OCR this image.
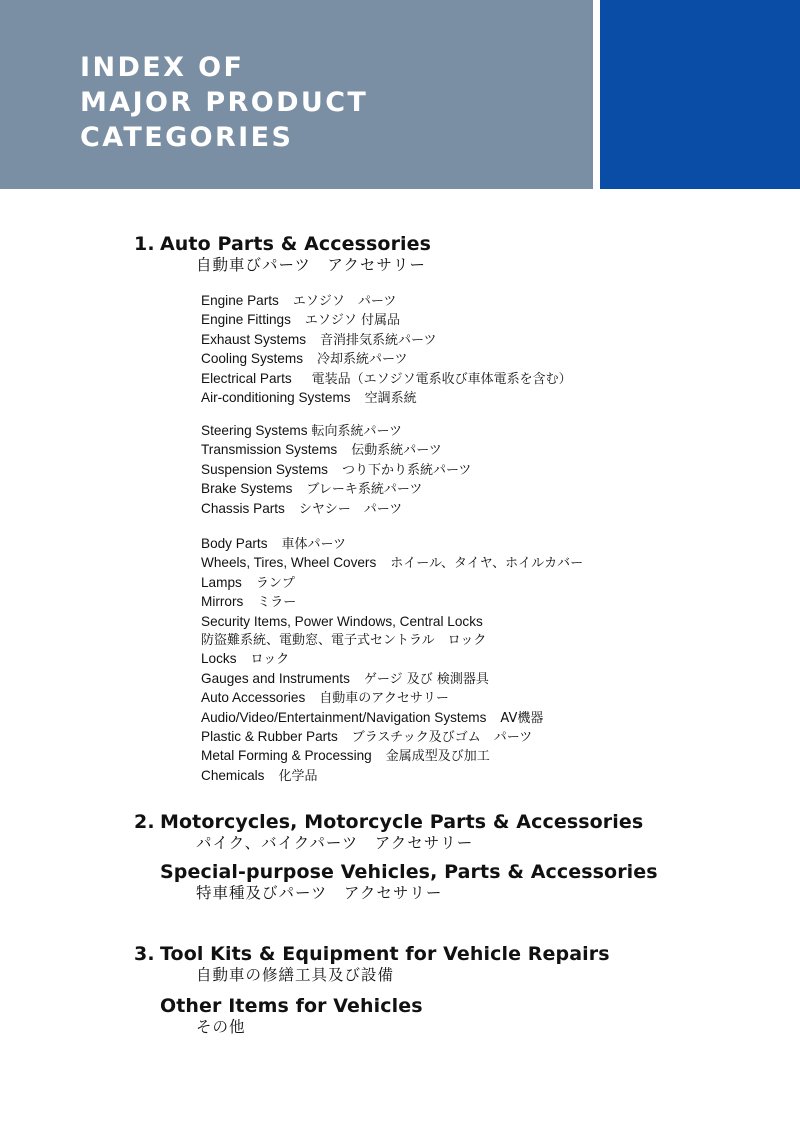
INDEX OF
MAJOR PRODUCT
CATEGORIES
1. Auto Parts & Accessories
自動車びパーツ　アクセサリー
Engine Parts エソジソ　パーツ
Engine Fittings エソジソ 付属品
Exhaust Systems 音消排気系統パーツ
Cooling Systems 冷却系統パーツ
Electrical Parts 電装品（エソジソ電系收び車体電系を含む）
Air-conditioning Systems 空調系統
Steering Systems 転向系統パーツ
Transmission Systems 伝動系統パーツ
Suspension Systems つり下かり系統パーツ
Brake Systems ブレーキ系統パーツ
Chassis Parts シヤシー　パーツ
Body Parts 車体パーツ
Wheels, Tires, Wheel Covers ホイール、タイヤ、ホイルカバー
Lamps ランプ
Mirrors ミラー
Security Items, Power Windows, Central Locks
防盜難系統、電動窓、電子式セントラル　ロック
Locks ロック
Gauges and Instruments ゲージ 及び 検測器具
Auto Accessories 自動車のアクセサリー
Audio/Video/Entertainment/Navigation Systems AV機器
Plastic & Rubber Parts ブラスチック及びゴム　パーツ
Metal Forming & Processing 金属成型及び加工
Chemicals 化学品
2. Motorcycles, Motorcycle Parts & Accessories
パイク、バイクパーツ　アクセサリー
Special-purpose Vehicles, Parts & Accessories
特車種及びパーツ　アクセサリー
3. Tool Kits & Equipment for Vehicle Repairs
自動車の修繕工具及び設備
Other Items for Vehicles
その他
